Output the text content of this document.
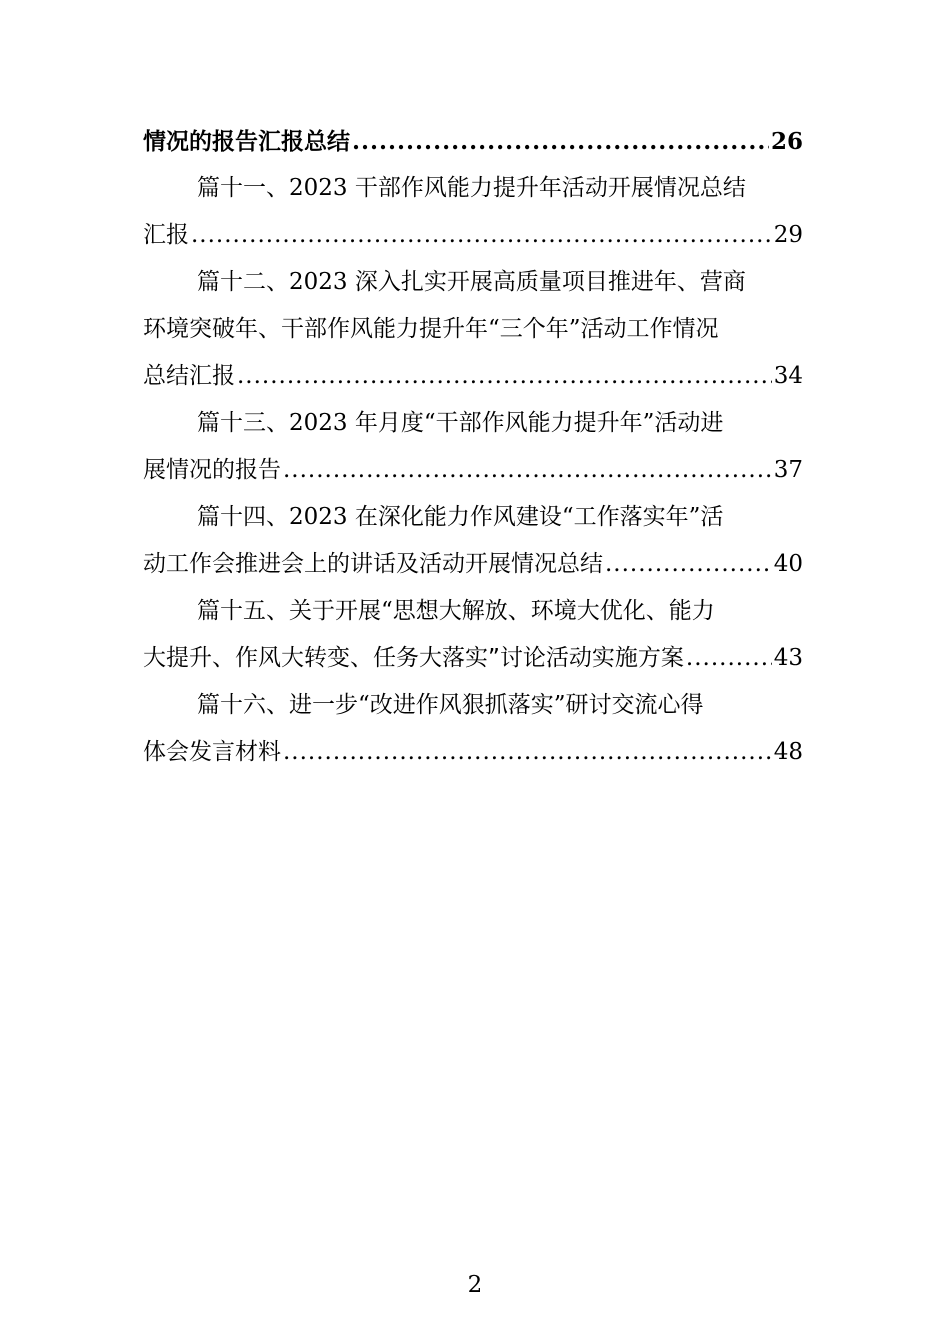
情况的报告汇报总结 .....	26
篇十一、2023 干部作风能力提升年活动开展情况总结
汇报 .....	29
篇十二、2023 深入扎实开展高质量项目推进年、营商
环境突破年、干部作风能力提升年“三个年”活动工作情况
总结汇报 .....	34
篇十三、2023 年月度“干部作风能力提升年”活动进
展情况的报告 .....	37
篇十四、2023 在深化能力作风建设“工作落实年”活
动工作会推进会上的讲话及活动开展情况总结 .....	40
篇十五、关于开展“思想大解放、环境大优化、能力
大提升、作风大转变、任务大落实”讨论活动实施方案 .....	43
篇十六、进一步“改进作风狠抓落实”研讨交流心得
体会发言材料 .....	48
2
